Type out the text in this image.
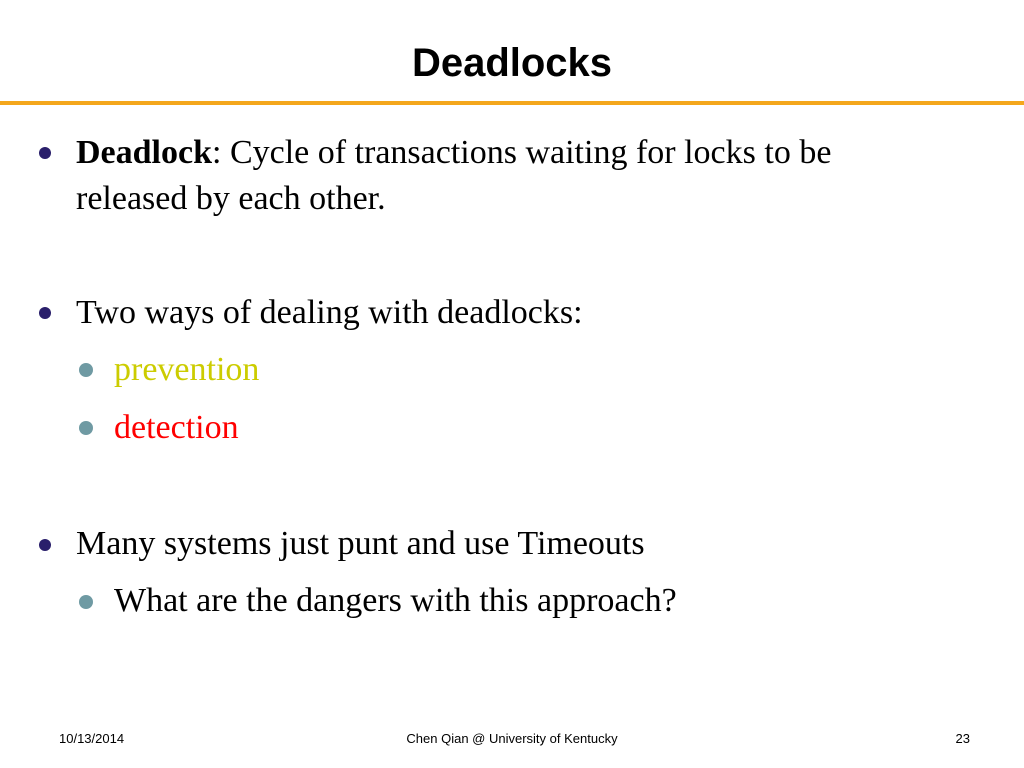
Deadlocks
Deadlock: Cycle of transactions waiting for locks to be
released by each other.
Two ways of dealing with deadlocks:
prevention
detection
Many systems just punt and use Timeouts
What are the dangers with this approach?
10/13/2014	Chen Qian @ University of Kentucky	23
